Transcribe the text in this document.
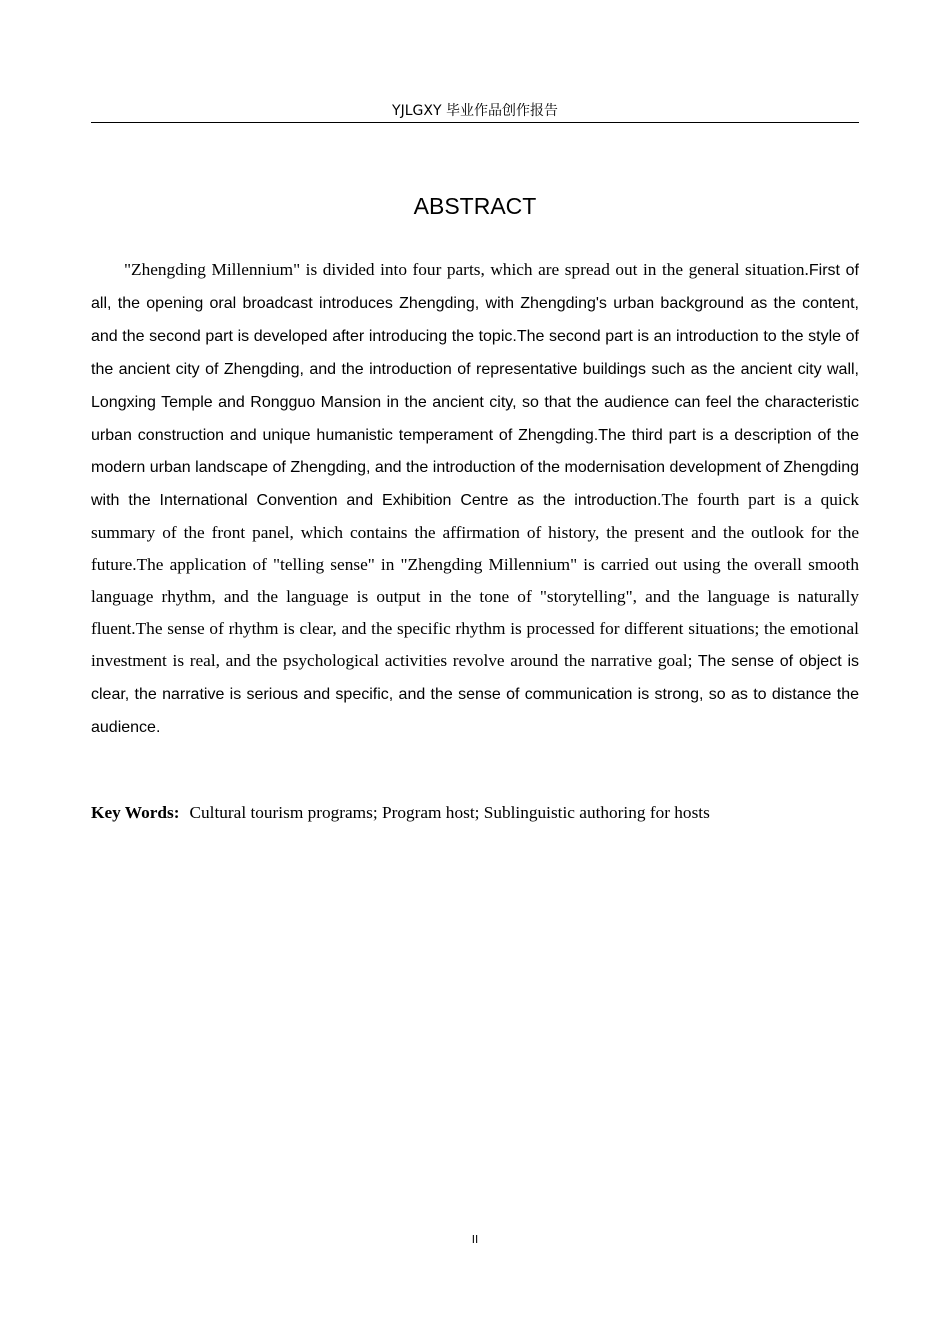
YJLGXY 毕业作品创作报告
ABSTRACT

"Zhengding Millennium" is divided into four parts, which are spread out in the general situation.First of all, the opening oral broadcast introduces Zhengding, with Zhengding's urban background as the content, and the second part is developed after introducing the topic.The second part is an introduction to the style of the ancient city of Zhengding, and the introduction of representative buildings such as the ancient city wall, Longxing Temple and Rongguo Mansion in the ancient city, so that the audience can feel the characteristic urban construction and unique humanistic temperament of Zhengding.The third part is a description of the modern urban landscape of Zhengding, and the introduction of the modernisation development of Zhengding with the International Convention and Exhibition Centre as the introduction.The fourth part is a quick summary of the front panel, which contains the affirmation of history, the present and the outlook for the future.The application of "telling sense" in "Zhengding Millennium" is carried out using the overall smooth language rhythm, and the language is output in the tone of "storytelling", and the language is naturally fluent.The sense of rhythm is clear, and the specific rhythm is processed for different situations; the emotional investment is real, and the psychological activities revolve around the narrative goal; The sense of object is clear, the narrative is serious and specific, and the sense of communication is strong, so as to distance the audience.

Key Words: Cultural tourism programs; Program host; Sublinguistic authoring for hosts

II
